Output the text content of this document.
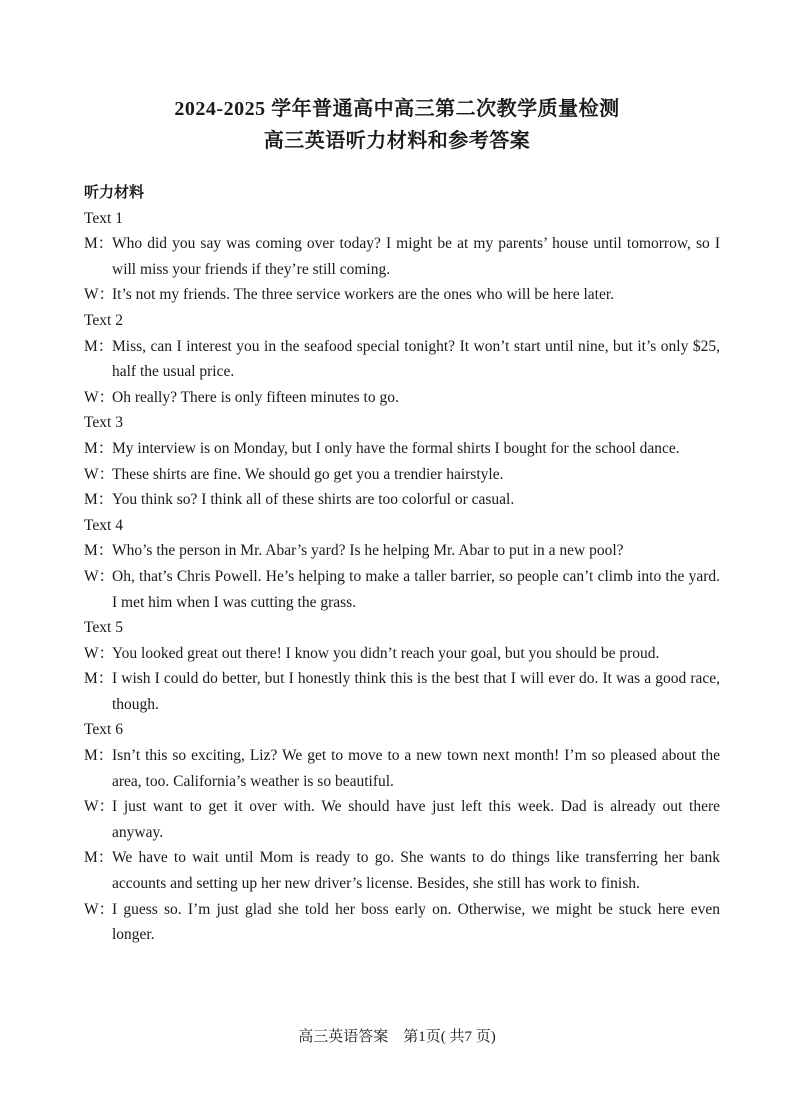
2024-2025 学年普通高中高三第二次教学质量检测
高三英语听力材料和参考答案
听力材料
Text 1
M：Who did you say was coming over today? I might be at my parents’ house until tomorrow, so I will miss your friends if they’re still coming.
W：It’s not my friends. The three service workers are the ones who will be here later.
Text 2
M：Miss, can I interest you in the seafood special tonight? It won’t start until nine, but it’s only $25, half the usual price.
W：Oh really? There is only fifteen minutes to go.
Text 3
M：My interview is on Monday, but I only have the formal shirts I bought for the school dance.
W：These shirts are fine. We should go get you a trendier hairstyle.
M：You think so? I think all of these shirts are too colorful or casual.
Text 4
M：Who’s the person in Mr. Abar’s yard? Is he helping Mr. Abar to put in a new pool?
W：Oh, that’s Chris Powell. He’s helping to make a taller barrier, so people can’t climb into the yard. I met him when I was cutting the grass.
Text 5
W：You looked great out there! I know you didn’t reach your goal, but you should be proud.
M：I wish I could do better, but I honestly think this is the best that I will ever do. It was a good race, though.
Text 6
M：Isn’t this so exciting, Liz? We get to move to a new town next month! I’m so pleased about the area, too. California’s weather is so beautiful.
W：I just want to get it over with. We should have just left this week. Dad is already out there anyway.
M：We have to wait until Mom is ready to go. She wants to do things like transferring her bank accounts and setting up her new driver’s license. Besides, she still has work to finish.
W：I guess so. I’m just glad she told her boss early on. Otherwise, we might be stuck here even longer.
高三英语答案　第1页( 共7 页)
